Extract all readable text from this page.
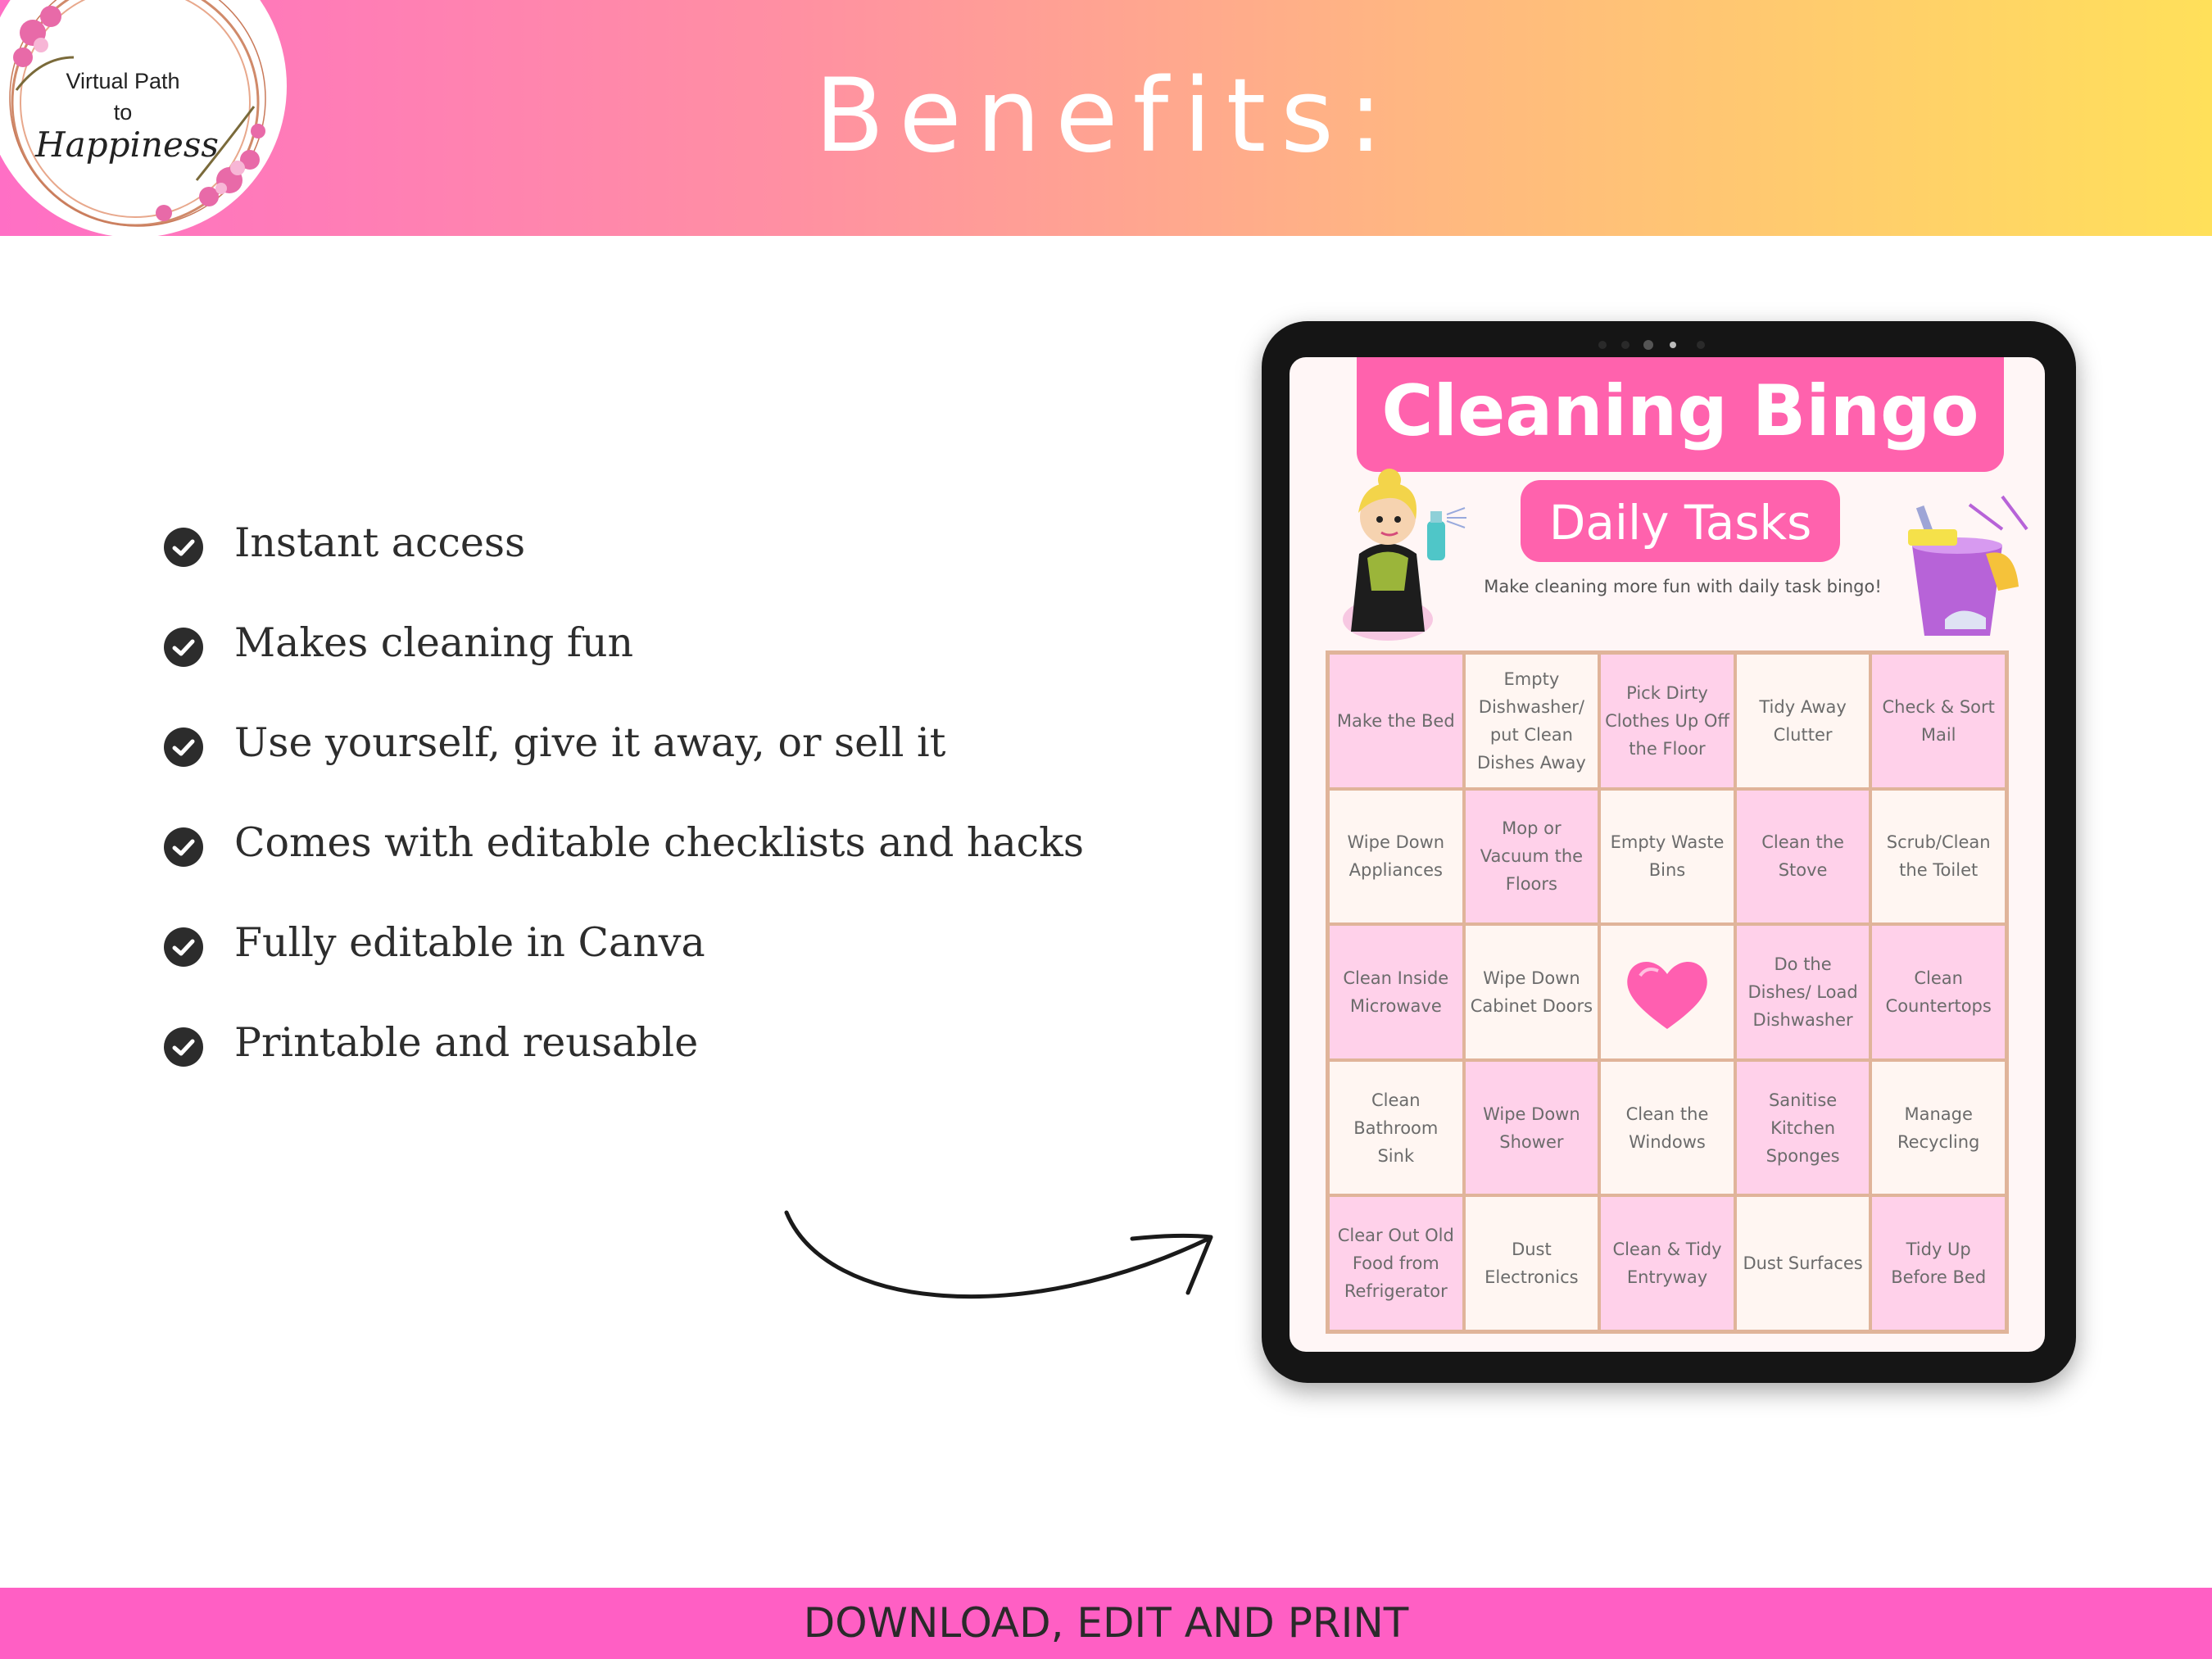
Benefits:
Virtual Path
to
Happiness
Instant access
Makes cleaning fun
Use yourself, give it away, or sell it
Comes with editable checklists and hacks
Fully editable in Canva
Printable and reusable
Cleaning Bingo
Daily Tasks
Make cleaning more fun with daily task bingo!
Make the Bed
Empty Dishwasher/ put Clean Dishes Away
Pick Dirty Clothes Up Off the Floor
Tidy Away Clutter
Check & Sort Mail
Wipe Down Appliances
Mop or Vacuum the Floors
Empty Waste Bins
Clean the Stove
Scrub/Clean the Toilet
Clean Inside Microwave
Wipe Down Cabinet Doors
Do the Dishes/ Load Dishwasher
Clean Countertops
Clean Bathroom Sink
Wipe Down Shower
Clean the Windows
Sanitise Kitchen Sponges
Manage Recycling
Clear Out Old Food from Refrigerator
Dust Electronics
Clean & Tidy Entryway
Dust Surfaces
Tidy Up Before Bed
DOWNLOAD, EDIT AND PRINT
